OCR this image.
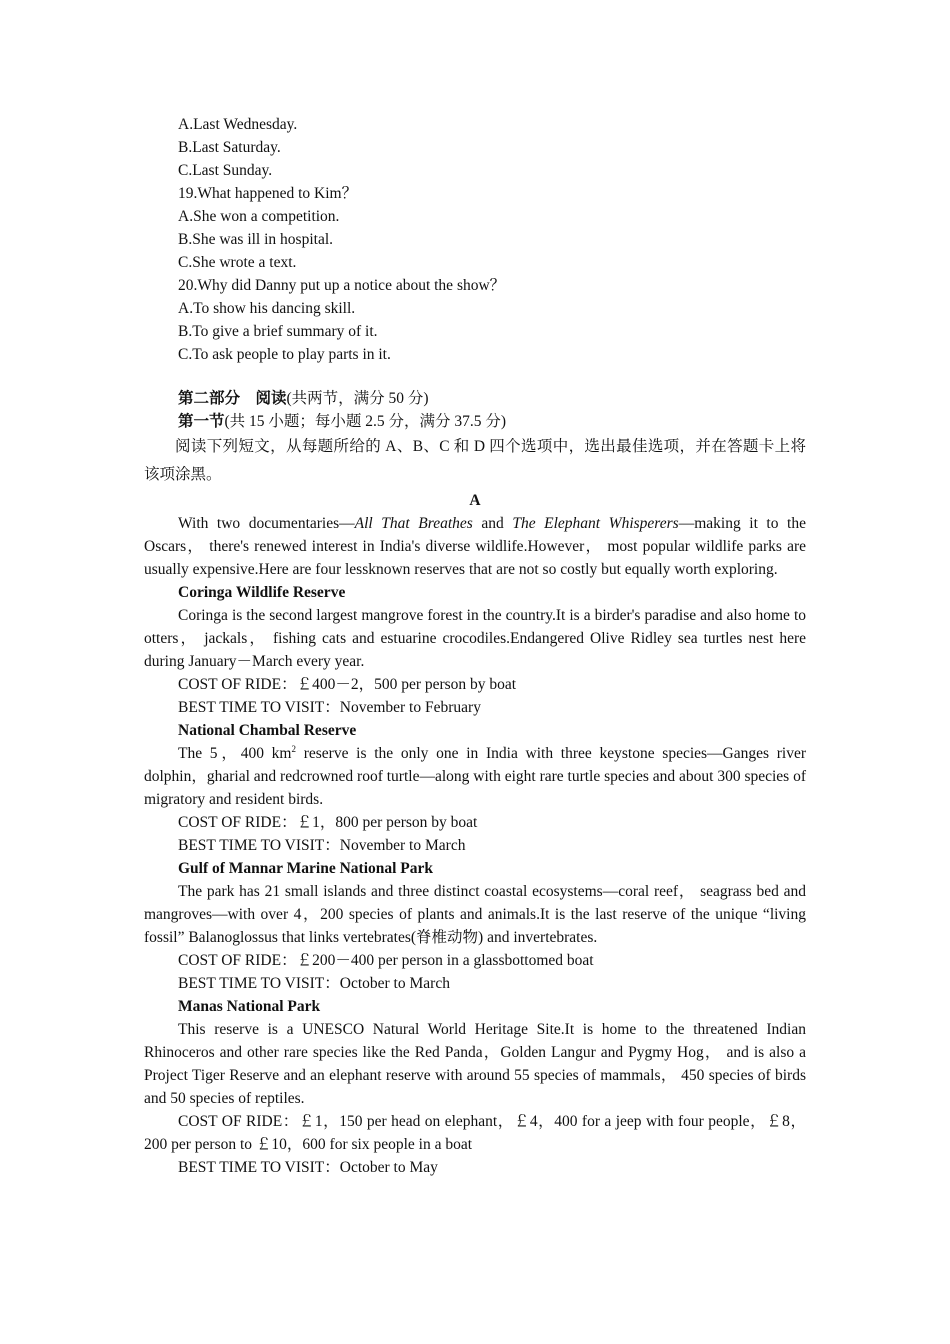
A.Last Wednesday.
B.Last Saturday.
C.Last Sunday.
19.What happened to Kim？
A.She won a competition.
B.She was ill in hospital.
C.She wrote a text.
20.Why did Danny put up a notice about the show？
A.To show his dancing skill.
B.To give a brief summary of it.
C.To ask people to play parts in it.
第二部分　阅读(共两节，满分 50 分)
第一节(共 15 小题；每小题 2.5 分，满分 37.5 分)
阅读下列短文，从每题所给的 A、B、C 和 D 四个选项中，选出最佳选项，并在答题卡上将该项涂黑。
A
With two documentaries—All That Breathes and The Elephant Whisperers—making it to the Oscars， there's renewed interest in India's diverse wildlife.However， most popular wildlife parks are usually expensive.Here are four lessknown reserves that are not so costly but equally worth exploring.
Coringa Wildlife Reserve
Coringa is the second largest mangrove forest in the country.It is a birder's paradise and also home to otters， jackals， fishing cats and estuarine crocodiles.Endangered Olive Ridley sea turtles nest here during January－March every year.
COST OF RIDE：￡400－2，500 per person by boat
BEST TIME TO VISIT：November to February
National Chambal Reserve
The 5，400 $km^2$ reserve is the only one in India with three keystone species—Ganges river dolphin，gharial and redcrowned roof turtle—along with eight rare turtle species and about 300 species of migratory and resident birds.
COST OF RIDE：￡1，800 per person by boat
BEST TIME TO VISIT：November to March
Gulf of Mannar Marine National Park
The park has 21 small islands and three distinct coastal ecosystems—coral reef， seagrass bed and mangroves—with over 4，200 species of plants and animals.It is the last reserve of the unique “living fossil” Balanoglossus that links vertebrates(脊椎动物) and invertebrates.
COST OF RIDE：￡200－400 per person in a glassbottomed boat
BEST TIME TO VISIT：October to March
Manas National Park
This reserve is a UNESCO Natural World Heritage Site.It is home to the threatened Indian Rhinoceros and other rare species like the Red Panda，Golden Langur and Pygmy Hog， and is also a Project Tiger Reserve and an elephant reserve with around 55 species of mammals， 450 species of birds and 50 species of reptiles.
COST OF RIDE：￡1，150 per head on elephant，￡4，400 for a jeep with four people，￡8，200 per person to ￡10，600 for six people in a boat
BEST TIME TO VISIT：October to May
